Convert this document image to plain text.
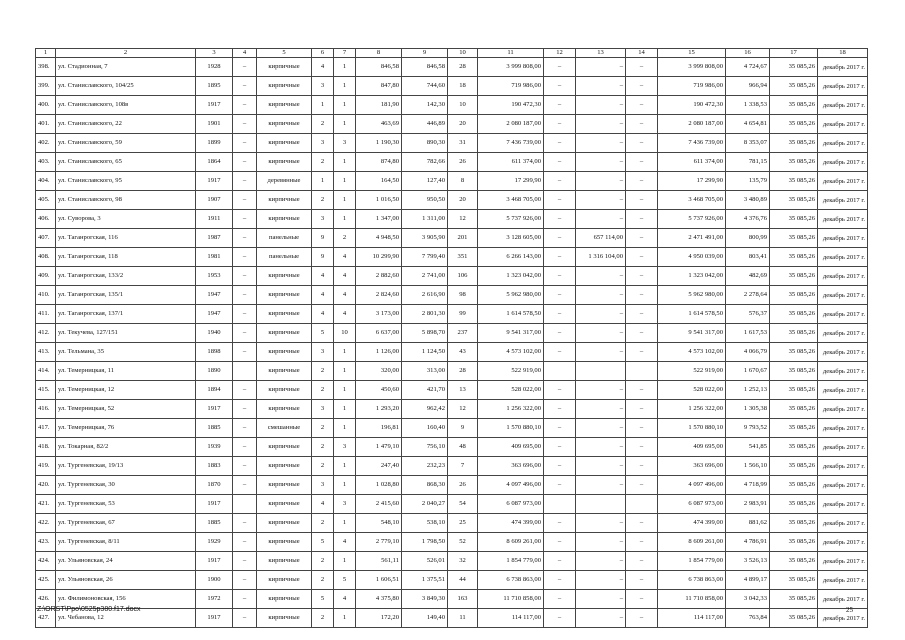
1	2	3	4	5	6	7	8	9	10	11	12	13	14	15	16	17	18
398.	ул. Стадионная, 7	1928	–	кирпичные	4	1	846,58	846,58	28	3 999 808,00	–	–	–	3 999 808,00	4 724,67	35 085,26	декабрь 2017 г.
399.	ул. Станиславского, 104/25	1895	–	кирпичные	3	1	847,80	744,60	18	719 986,00	–	–	–	719 986,00	966,94	35 085,26	декабрь 2017 г.
400.	ул. Станиславского, 108в	1917	–	кирпичные	1	1	181,90	142,30	10	190 472,30	–	–	–	190 472,30	1 338,53	35 085,26	декабрь 2017 г.
401.	ул. Станиславского, 22	1901	–	кирпичные	2	1	463,69	446,89	20	2 080 187,00	–	–	–	2 080 187,00	4 654,81	35 085,26	декабрь 2017 г.
402.	ул. Станиславского, 59	1899	–	кирпичные	3	3	1 190,30	890,30	31	7 436 739,00	–	–	–	7 436 739,00	8 353,07	35 085,26	декабрь 2017 г.
403.	ул. Станиславского, 65	1864	–	кирпичные	2	1	874,80	782,66	26	611 374,00	–	–	–	611 374,00	781,15	35 085,26	декабрь 2017 г.
404.	ул. Станиславского, 95	1917	–	деревянные	1	1	164,50	127,40	8	17 299,90	–	–	–	17 299,90	135,79	35 085,26	декабрь 2017 г.
405.	ул. Станиславского, 98	1907	–	кирпичные	2	1	1 016,50	950,50	20	3 468 705,00	–	–	–	3 468 705,00	3 480,89	35 085,26	декабрь 2017 г.
406.	ул. Суворова, 3	1911	–	кирпичные	3	1	1 347,00	1 311,00	12	5 737 926,00	–	–	–	5 737 926,00	4 376,76	35 085,26	декабрь 2017 г.
407.	ул. Таганрогская, 116	1987	–	панельные	9	2	4 948,50	3 905,90	201	3 128 605,00	–	657 114,00	–	2 471 491,00	800,99	35 085,26	декабрь 2017 г.
408.	ул. Таганрогская, 118	1981	–	панельные	9	4	10 299,90	7 799,40	351	6 266 143,00	–	1 316 104,00	–	4 950 039,00	803,41	35 085,26	декабрь 2017 г.
409.	ул. Таганрогская, 133/2	1953	–	кирпичные	4	4	2 882,60	2 741,00	106	1 323 042,00	–	–	–	1 323 042,00	482,69	35 085,26	декабрь 2017 г.
410.	ул. Таганрогская, 135/1	1947	–	кирпичные	4	4	2 824,60	2 616,90	98	5 962 980,00	–	–	–	5 962 980,00	2 278,64	35 085,26	декабрь 2017 г.
411.	ул. Таганрогская, 137/1	1947	–	кирпичные	4	4	3 173,00	2 801,30	99	1 614 578,50	–	–	–	1 614 578,50	576,37	35 085,26	декабрь 2017 г.
412.	ул. Текучева, 127/151	1940	–	кирпичные	5	10	6 637,00	5 898,70	237	9 541 317,00	–	–	–	9 541 317,00	1 617,53	35 085,26	декабрь 2017 г.
413.	ул. Тельмана, 35	1898	–	кирпичные	3	1	1 126,00	1 124,50	43	4 573 102,00	–	–	–	4 573 102,00	4 066,79	35 085,26	декабрь 2017 г.
414.	ул. Темерницкая, 11	1890		кирпичные	2	1	320,00	313,00	28	522 919,00				522 919,00	1 670,67	35 085,26	декабрь 2017 г.
415.	ул. Темерницкая, 12	1894	–	кирпичные	2	1	450,60	421,70	13	528 022,00	–	–	–	528 022,00	1 252,13	35 085,26	декабрь 2017 г.
416.	ул. Темерницкая, 52	1917	–	кирпичные	3	1	1 293,20	962,42	12	1 256 322,00	–	–	–	1 256 322,00	1 305,38	35 085,26	декабрь 2017 г.
417.	ул. Темерницкая, 76	1885	–	смешанные	2	1	196,81	160,40	9	1 570 880,10	–	–	–	1 570 880,10	9 793,52	35 085,26	декабрь 2017 г.
418.	ул. Токарная, 82/2	1939	–	кирпичные	2	3	1 479,10	756,10	48	409 695,00	–	–	–	409 695,00	541,85	35 085,26	декабрь 2017 г.
419.	ул. Тургеневская, 19/13	1883	–	кирпичные	2	1	247,40	232,23	7	363 696,00	–	–	–	363 696,00	1 566,10	35 085,26	декабрь 2017 г.
420.	ул. Тургеневская, 30	1870	–	кирпичные	3	1	1 028,80	868,30	26	4 097 496,00	–	–	–	4 097 496,00	4 718,99	35 085,26	декабрь 2017 г.
421.	ул. Тургеневская, 53	1917		кирпичные	4	3	2 415,60	2 040,27	54	6 087 973,00				6 087 973,00	2 983,91	35 085,26	декабрь 2017 г.
422.	ул. Тургеневская, 67	1885	–	кирпичные	2	1	548,10	538,10	25	474 399,00	–	–	–	474 399,00	881,62	35 085,26	декабрь 2017 г.
423.	ул. Тургеневская, 8/11	1929	–	кирпичные	5	4	2 779,10	1 798,50	52	8 609 261,00	–	–	–	8 609 261,00	4 786,91	35 085,26	декабрь 2017 г.
424.	ул. Ульяновская, 24	1917	–	кирпичные	2	1	561,11	526,01	32	1 854 779,00	–	–	–	1 854 779,00	3 526,13	35 085,26	декабрь 2017 г.
425.	ул. Ульяновская, 26	1900	–	кирпичные	2	5	1 606,51	1 375,51	44	6 738 863,00	–	–	–	6 738 863,00	4 899,17	35 085,26	декабрь 2017 г.
426.	ул. Филимоновская, 156	1972	–	кирпичные	5	4	4 375,80	3 849,30	163	11 710 858,00	–	–	–	11 710 858,00	3 042,33	35 085,26	декабрь 2017 г.
427.	ул. Чебанова, 12	1917	–	кирпичные	2	1	172,20	149,40	11	114 117,00	–	–	–	114 117,00	763,84	35 085,26	декабрь 2017 г.
Z:\ORST\Ppo\0525p380.f17.docx	25
